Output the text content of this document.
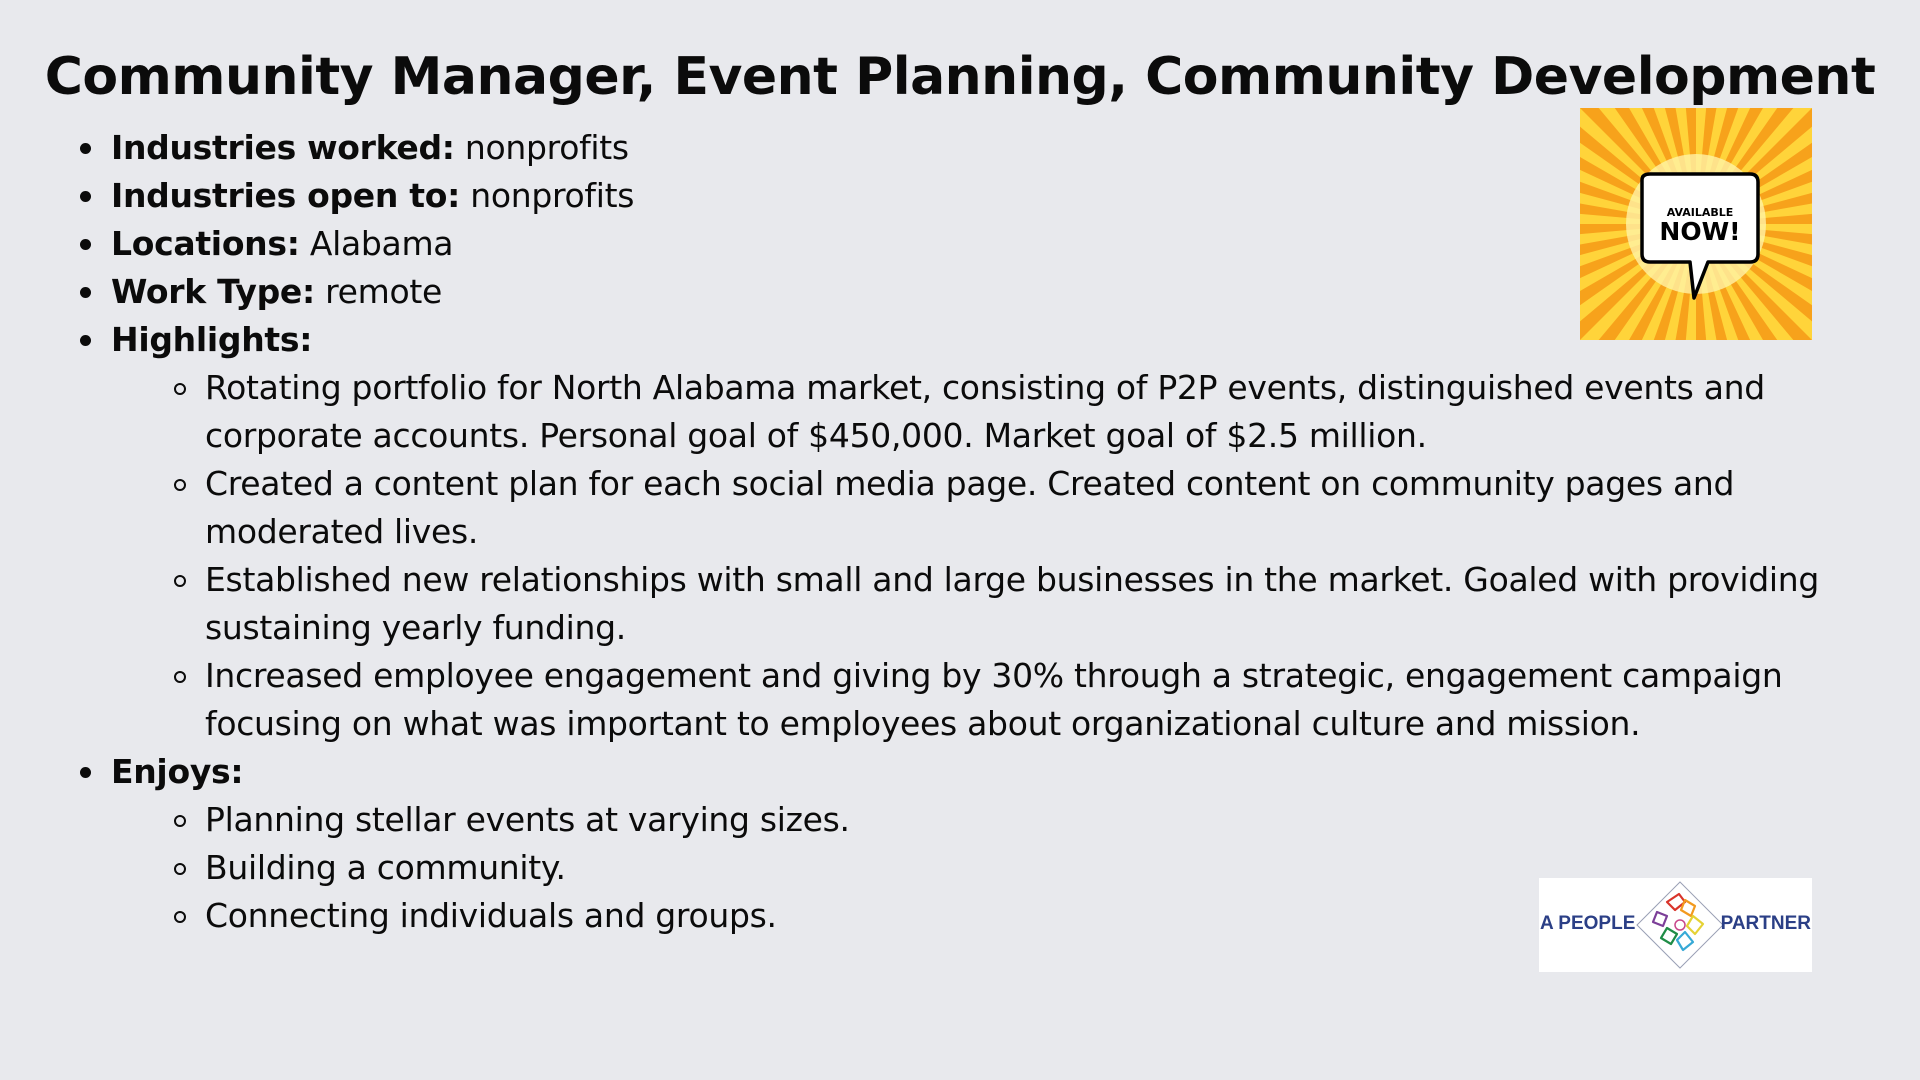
Community Manager, Event Planning, Community Development
Industries worked: nonprofits
Industries open to: nonprofits
Locations: Alabama
Work Type: remote
Highlights:
Rotating portfolio for North Alabama market, consisting of P2P events, distinguished events and corporate accounts. Personal goal of $450,000. Market goal of $2.5 million.
Created a content plan for each social media page. Created content on community pages and moderated lives.
Established new relationships with small and large businesses in the market. Goaled with providing sustaining yearly funding.
Increased employee engagement and giving by 30% through a strategic, engagement campaign focusing on what was important to employees about organizational culture and mission.
Enjoys:
Planning stellar events at varying sizes.
Building a community.
Connecting individuals and groups.
AVAILABLE
NOW!
A PEOPLE	PARTNER
